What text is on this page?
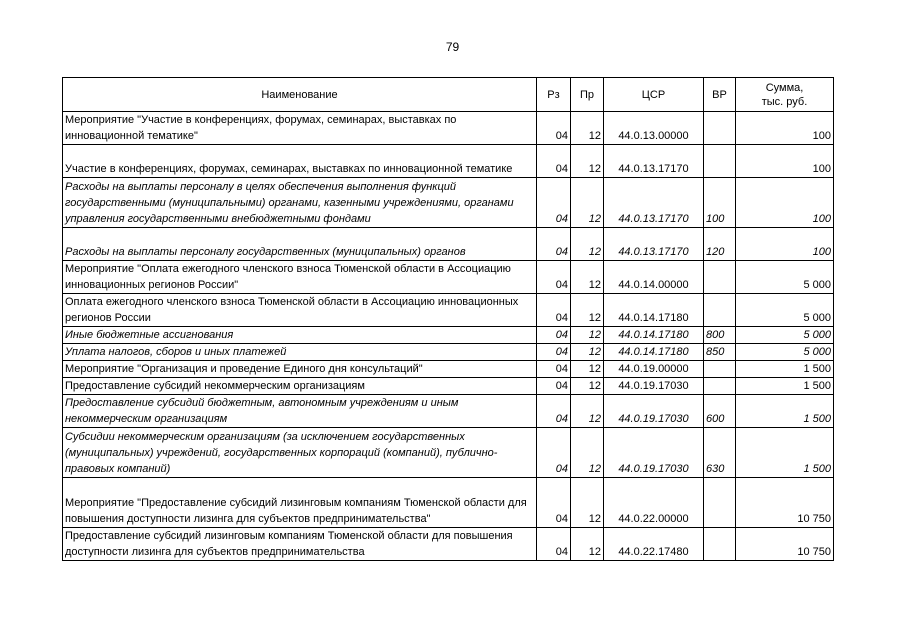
79
Наименование	Рз	Пр	ЦСР	ВР	Сумма,
тыс. руб.

Мероприятие "Участие в конференциях, форумах, семинарах, выставках по инновационной тематике"	04	12	44.0.13.00000		100
Участие в конференциях, форумах, семинарах, выставках по инновационной тематике	04	12	44.0.13.17170		100
Расходы на выплаты персоналу в целях обеспечения выполнения функций государственными (муниципальными) органами, казенными учреждениями, органами управления государственными внебюджетными фондами	04	12	44.0.13.17170	100	100
Расходы на выплаты персоналу государственных (муниципальных) органов	04	12	44.0.13.17170	120	100
Мероприятие "Оплата ежегодного членского взноса Тюменской области в Ассоциацию инновационных регионов России"	04	12	44.0.14.00000		5 000
Оплата ежегодного членского взноса Тюменской области в Ассоциацию инновационных регионов России	04	12	44.0.14.17180		5 000
Иные бюджетные ассигнования	04	12	44.0.14.17180	800	5 000
Уплата налогов, сборов и иных платежей	04	12	44.0.14.17180	850	5 000
Мероприятие "Организация и проведение Единого дня консультаций"	04	12	44.0.19.00000		1 500
Предоставление субсидий некоммерческим организациям	04	12	44.0.19.17030		1 500
Предоставление субсидий бюджетным, автономным учреждениям и иным некоммерческим организациям	04	12	44.0.19.17030	600	1 500
Субсидии некоммерческим организациям (за исключением государственных (муниципальных) учреждений, государственных корпораций (компаний), публично-правовых компаний)	04	12	44.0.19.17030	630	1 500
Мероприятие "Предоставление субсидий лизинговым компаниям Тюменской области для повышения доступности лизинга для субъектов предпринимательства"	04	12	44.0.22.00000		10 750
Предоставление субсидий лизинговым компаниям Тюменской области для повышения доступности лизинга для субъектов предпринимательства	04	12	44.0.22.17480		10 750
